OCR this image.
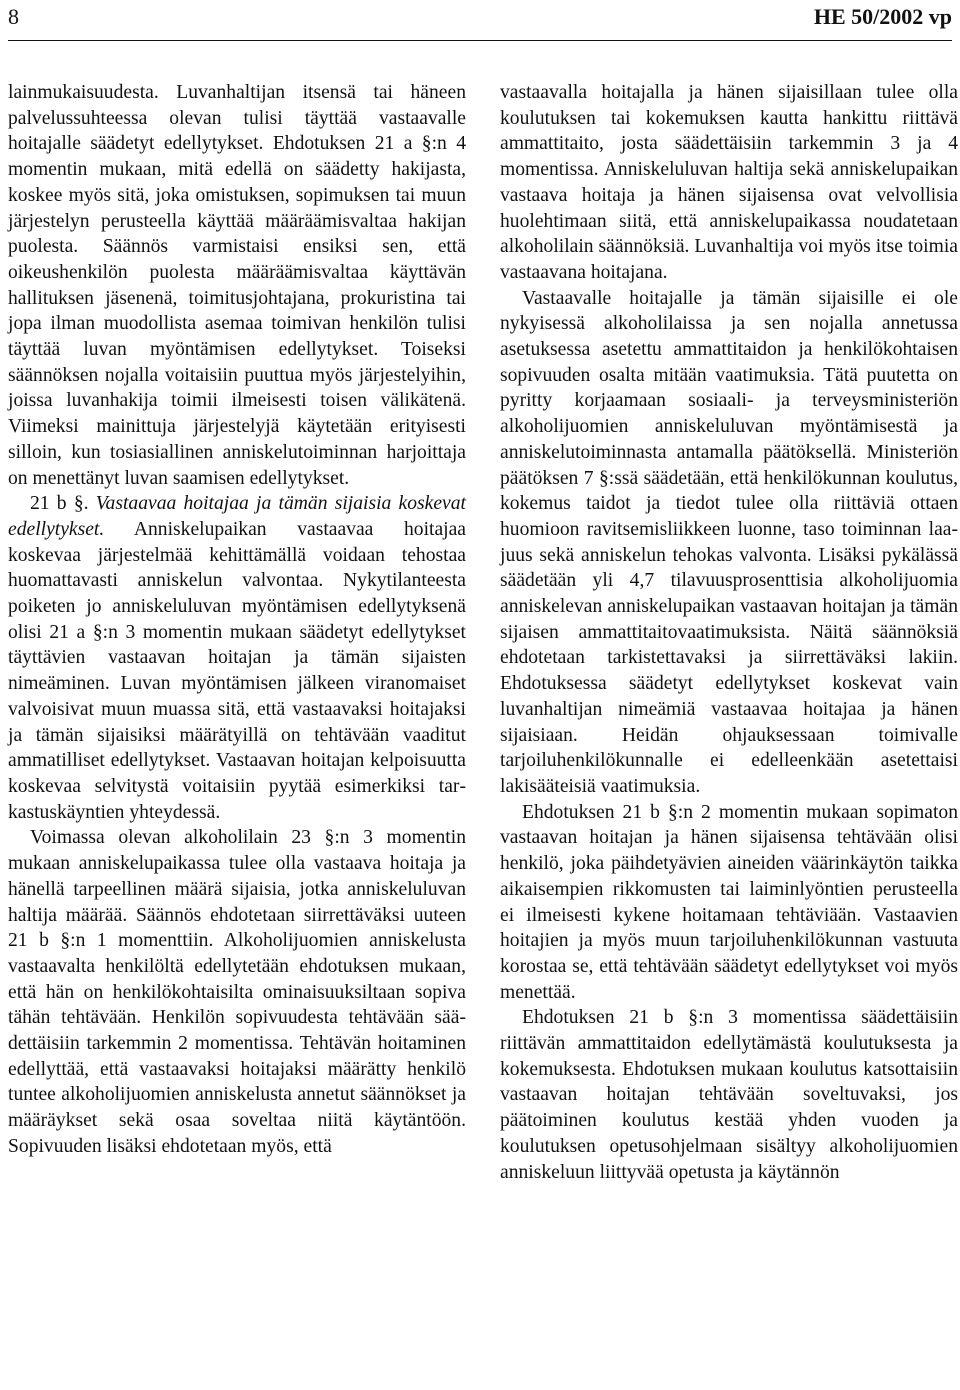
8	HE 50/2002 vp

lainmukaisuudesta. Luvanhaltijan itsensä tai häneen palvelussuhteessa olevan tulisi täyttää vastaavalle hoitajalle säädetyt edellytykset. Ehdotuksen 21 a §:n 4 momentin mukaan, mitä edellä on säädetty hakijasta, koskee myös sitä, joka omistuksen, sopimuksen tai muun järjestelyn perusteella käyttää määräämisvaltaa hakijan puolesta. Säännös varmistaisi ensiksi sen, että oikeushenkilön puolesta määräämisvaltaa käyttävän hallituksen jäsenenä, toimitusjohtajana, prokuristina tai jopa ilman muodollista asemaa toimivan henkilön tulisi täyttää luvan myöntämisen edellytykset. Toiseksi säännöksen nojalla voitaisiin puuttua myös järjestelyihin, joissa luvanhakija toimii ilmeisesti toisen välikätenä. Viimeksi mainittuja järjestelyjä käytetään erityisesti silloin, kun tosiasiallinen anniskelutoiminnan harjoittaja on menettänyt luvan saamisen edellytykset.

21 b §. Vastaavaa hoitajaa ja tämän sijaisia koskevat edellytykset. Anniskelupaikan vastaavaa hoitajaa koskevaa järjestelmää kehittämällä voidaan tehostaa huomattavasti anniskelun valvontaa. Nykytilanteesta poiketen jo anniskeluluvan myöntämisen edellytyksenä olisi 21 a §:n 3 momentin mukaan säädetyt edellytykset täyttävien vastaavan hoitajan ja tämän sijaisten nimeäminen. Luvan myöntämisen jälkeen viranomaiset valvoisivat muun muassa sitä, että vastaavaksi hoitajaksi ja tämän sijaisiksi määrätyillä on tehtävään vaaditut ammatilliset edellytykset. Vastaavan hoitajan kelpoisuutta koskevaa selvitystä voitaisiin pyytää esimerkiksi tarkastuskäyntien yhteydessä.

Voimassa olevan alkoholilain 23 §:n 3 momentin mukaan anniskelupaikassa tulee olla vastaava hoitaja ja hänellä tarpeellinen määrä sijaisia, jotka anniskeluluvan haltija määrää. Säännös ehdotetaan siirrettäväksi uuteen 21 b §:n 1 momenttiin. Alkoholijuomien anniskelusta vastaavalta henkilöltä edellytetään ehdotuksen mukaan, että hän on henkilökohtaisilta ominaisuuksiltaan sopiva tähän tehtävään. Henkilön sopivuudesta tehtävään säädettäisiin tarkemmin 2 momentissa. Tehtävän hoitaminen edellyttää, että vastaavaksi hoitajaksi määrätty henkilö tuntee alkoholijuomien anniskelusta annetut säännökset ja määräykset sekä osaa soveltaa niitä käytäntöön. Sopivuuden lisäksi ehdotetaan myös, että

vastaavalla hoitajalla ja hänen sijaisillaan tulee olla koulutuksen tai kokemuksen kautta hankittu riittävä ammattitaito, josta säädettäisiin tarkemmin 3 ja 4 momentissa. Anniskeluluvan haltija sekä anniskelupaikan vastaava hoitaja ja hänen sijaisensa ovat velvollisia huolehtimaan siitä, että anniskelupaikassa noudatetaan alkoholilain säännöksiä. Luvanhaltija voi myös itse toimia vastaavana hoitajana.

Vastaavalle hoitajalle ja tämän sijaisille ei ole nykyisessä alkoholilaissa ja sen nojalla annetussa asetuksessa asetettu ammattitaidon ja henkilökohtaisen sopivuuden osalta mitään vaatimuksia. Tätä puutetta on pyritty korjaamaan sosiaali- ja terveysministeriön alkoholijuomien anniskeluluvan myöntämisestä ja anniskelutoiminnasta antamalla päätöksellä. Ministeriön päätöksen 7 §:ssä säädetään, että henkilökunnan koulutus, kokemus taidot ja tiedot tulee olla riittäviä ottaen huomioon ravitsemisliikkeen luonne, taso toiminnan laajuus sekä anniskelun tehokas valvonta. Lisäksi pykälässä säädetään yli 4,7 tilavuusprosenttisia alkoholijuomia anniskelevan anniskelupaikan vastaavan hoitajan ja tämän sijaisen ammattitaitovaatimuksista. Näitä säännöksiä ehdotetaan tarkistettavaksi ja siirrettäväksi lakiin. Ehdotuksessa säädetyt edellytykset koskevat vain luvanhaltijan nimeämiä vastaavaa hoitajaa ja hänen sijaisiaan. Heidän ohjauksessaan toimivalle tarjoiluhenkilökunnalle ei edelleenkään asetettaisi lakisääteisiä vaatimuksia.

Ehdotuksen 21 b §:n 2 momentin mukaan sopimaton vastaavan hoitajan ja hänen sijaisensa tehtävään olisi henkilö, joka päihdetyävien aineiden väärinkäytön taikka aikaisempien rikkomusten tai laiminlyöntien perusteella ei ilmeisesti kykene hoitamaan tehtäviään. Vastaavien hoitajien ja myös muun tarjoiluhenkilökunnan vastuuta korostaa se, että tehtävään säädetyt edellytykset voi myös menettää.

Ehdotuksen 21 b §:n 3 momentissa säädettäisiin riittävän ammattitaidon edellytämästä koulutuksesta ja kokemuksesta. Ehdotuksen mukaan koulutus katsottaisiin vastaavan hoitajan tehtävään soveltuvaksi, jos päätoiminen koulutus kestää yhden vuoden ja koulutuksen opetusohjelmaan sisältyy alkoholijuomien anniskeluun liittyvää opetusta ja käytännön
